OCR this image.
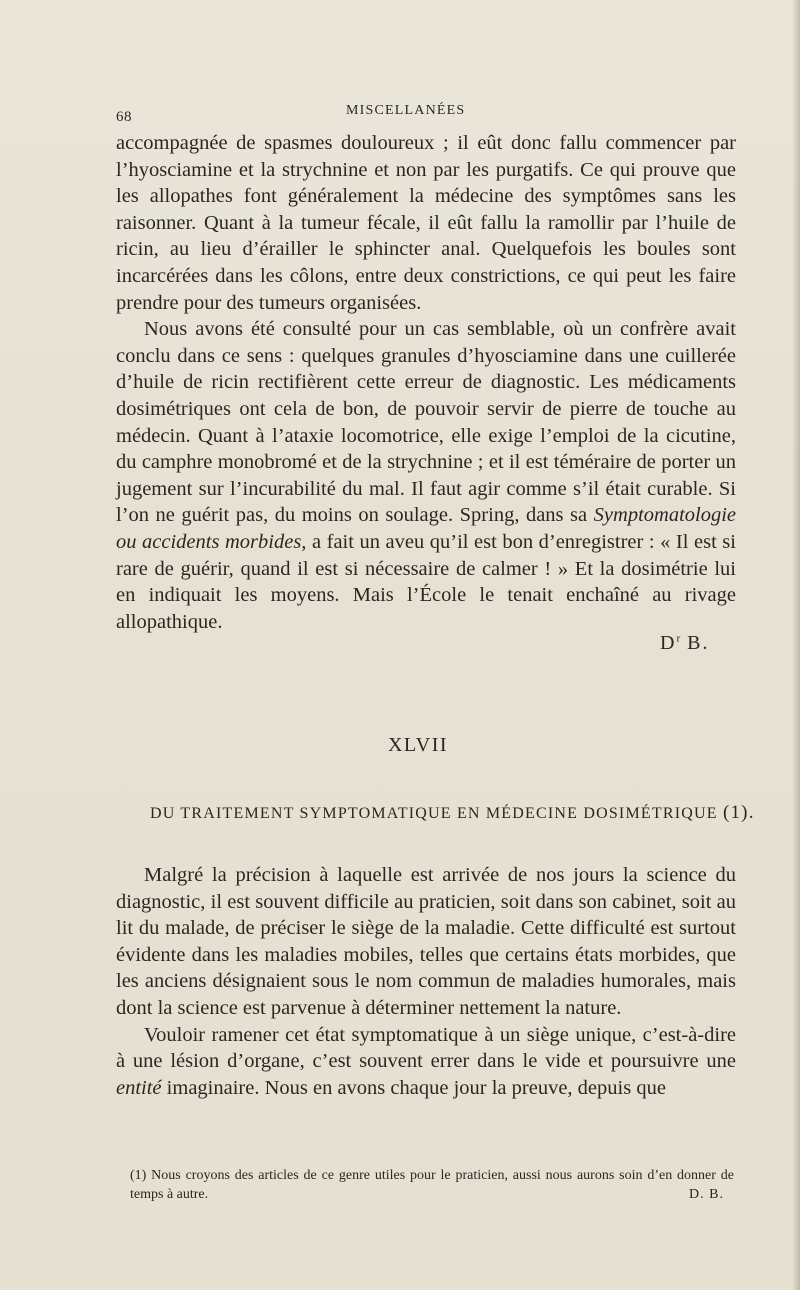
68	MISCELLANÉES

accompagnée de spasmes douloureux ; il eût donc fallu commencer par l’hyosciamine et la strychnine et non par les purgatifs. Ce qui prouve que les allopathes font généralement la médecine des symptômes sans les raisonner. Quant à la tumeur fécale, il eût fallu la ramollir par l’huile de ricin, au lieu d’érailler le sphincter anal. Quelquefois les boules sont incarcérées dans les côlons, entre deux constrictions, ce qui peut les faire prendre pour des tumeurs organisées.

Nous avons été consulté pour un cas semblable, où un confrère avait conclu dans ce sens : quelques granules d’hyosciamine dans une cuillerée d’huile de ricin rectifièrent cette erreur de diagnostic. Les médicaments dosimétriques ont cela de bon, de pouvoir servir de pierre de touche au médecin. Quant à l’ataxie locomotrice, elle exige l’emploi de la cicutine, du camphre monobromé et de la strychnine ; et il est téméraire de porter un jugement sur l’incurabilité du mal. Il faut agir comme s’il était curable. Si l’on ne guérit pas, du moins on soulage. Spring, dans sa Symptomatologie ou accidents morbides, a fait un aveu qu’il est bon d’enregistrer : « Il est si rare de guérir, quand il est si nécessaire de calmer ! » Et la dosimétrie lui en indiquait les moyens. Mais l’École le tenait enchaîné au rivage allopathique.

$D^r$ B.
XLVII
DU TRAITEMENT SYMPTOMATIQUE EN MÉDECINE DOSIMÉTRIQUE (1).

Malgré la précision à laquelle est arrivée de nos jours la science du diagnostic, il est souvent difficile au praticien, soit dans son cabinet, soit au lit du malade, de préciser le siège de la maladie. Cette difficulté est surtout évidente dans les maladies mobiles, telles que certains états morbides, que les anciens désignaient sous le nom commun de maladies humorales, mais dont la science est parvenue à déterminer nettement la nature.

Vouloir ramener cet état symptomatique à un siège unique, c’est-à-dire à une lésion d’organe, c’est souvent errer dans le vide et poursuivre une entité imaginaire. Nous en avons chaque jour la preuve, depuis que

(1) Nous croyons des articles de ce genre utiles pour le praticien, aussi nous aurons soin d’en donner de temps à autre.	D. B.
